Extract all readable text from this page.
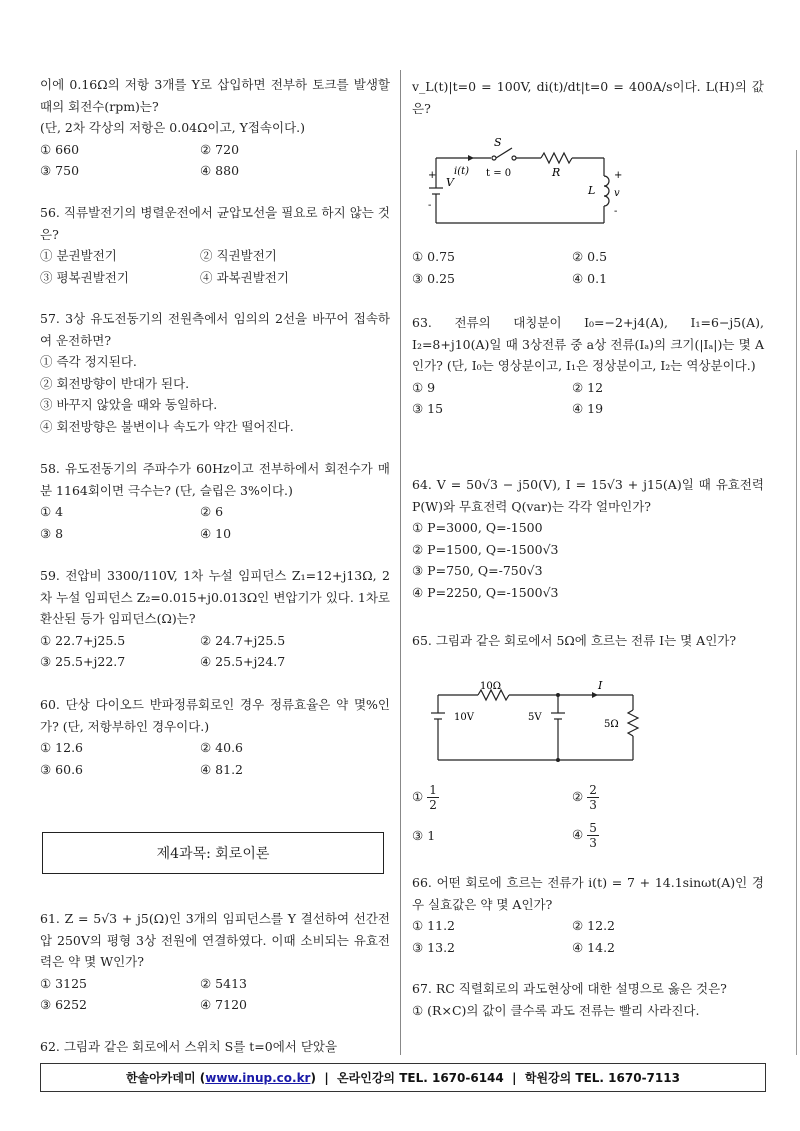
이에 0.16Ω의 저항 3개를 Y로 삽입하면 전부하 토크를 발생할 때의 회전수(rpm)는?
(단, 2차 각상의 저항은 0.04Ω이고, Y접속이다.)
① 660	② 720
③ 750	④ 880
56. 직류발전기의 병렬운전에서 균압모선을 필요로 하지 않는 것은?
① 분권발전기	② 직권발전기
③ 평복권발전기	④ 과복권발전기
57. 3상 유도전동기의 전원측에서 임의의 2선을 바꾸어 접속하여 운전하면?
① 즉각 정지된다.
② 회전방향이 반대가 된다.
③ 바꾸지 않았을 때와 동일하다.
④ 회전방향은 불변이나 속도가 약간 떨어진다.
58. 유도전동기의 주파수가 60Hz이고 전부하에서 회전수가 매분 1164회이면 극수는? (단, 슬립은 3%이다.)
① 4	② 6
③ 8	④ 10
59. 전압비 3300/110V, 1차 누설 임피던스 Z₁=12+j13Ω, 2차 누설 임피던스 Z₂=0.015+j0.013Ω인 변압기가 있다. 1차로 환산된 등가 임피던스(Ω)는?
① 22.7+j25.5	② 24.7+j25.5
③ 25.5+j22.7	④ 25.5+j24.7
60. 단상 다이오드 반파정류회로인 경우 정류효율은 약 몇%인가? (단, 저항부하인 경우이다.)
① 12.6	② 40.6
③ 60.6	④ 81.2
제4과목: 회로이론
61. Z = 5√3 + j5(Ω)인 3개의 임피던스를 Y 결선하여 선간전압 250V의 평형 3상 전원에 연결하였다. 이때 소비되는 유효전력은 약 몇 W인가?
① 3125	② 5413
③ 6252	④ 7120
62. 그림과 같은 회로에서 스위치 S를 t=0에서 닫았을
v_L(t)|t=0 = 100V, di(t)/dt|t=0 = 400A/s이다. L(H)의 값은?
+
-
V
i(t)
S
t = 0	R
L
+
v
-
① 0.75	② 0.5
③ 0.25	④ 0.1
63. 전류의 대칭분이 I₀=−2+j4(A), I₁=6−j5(A), I₂=8+j10(A)일 때 3상전류 중 a상 전류(Iₐ)의 크기(|Iₐ|)는 몇 A인가? (단, I₀는 영상분이고, I₁은 정상분이고, I₂는 역상분이다.)
① 9	② 12
③ 15	④ 19
64. V = 50√3 − j50(V), I = 15√3 + j15(A)일 때 유효전력 P(W)와 무효전력 Q(var)는 각각 얼마인가?
① P=3000, Q=-1500
② P=1500, Q=-1500√3
③ P=750, Q=-750√3
④ P=2250, Q=-1500√3
65. 그림과 같은 회로에서 5Ω에 흐르는 전류 I는 몇 A인가?
10Ω
10V	5V
5Ω
I
① $\frac{1}{2}$	② $\frac{2}{3}$
③ 1	④ $\frac{5}{3}$
66. 어떤 회로에 흐르는 전류가 i(t) = 7 + 14.1sinωt(A)인 경우 실효값은 약 몇 A인가?
① 11.2	② 12.2
③ 13.2	④ 14.2
67. RC 직렬회로의 과도현상에 대한 설명으로 옳은 것은?
① (R×C)의 값이 클수록 과도 전류는 빨리 사라진다.
한솔아카데미 ( www.inup.co.kr )
|
온라인강의 TEL. 1670-6144
|
학원강의 TEL. 1670-7113
